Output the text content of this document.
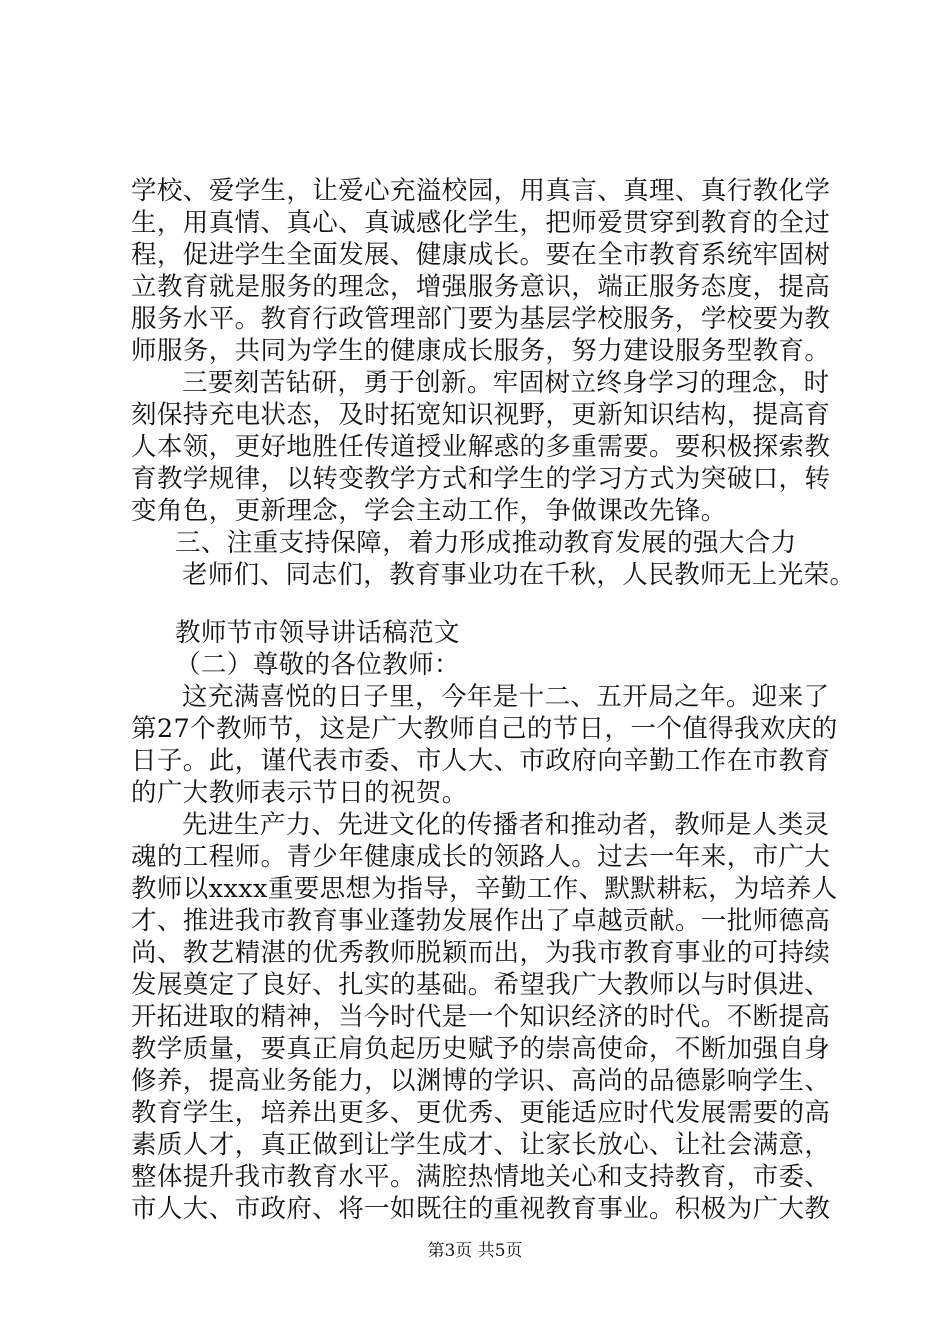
学校、爱学生，让爱心充溢校园，用真言、真理、真行教化学
生，用真情、真心、真诚感化学生，把师爱贯穿到教育的全过
程，促进学生全面发展、健康成长。要在全市教育系统牢固树
立教育就是服务的理念，增强服务意识，端正服务态度，提高
服务水平。教育行政管理部门要为基层学校服务，学校要为教
师服务，共同为学生的健康成长服务，努力建设服务型教育。
三要刻苦钻研，勇于创新。牢固树立终身学习的理念，时
刻保持充电状态，及时拓宽知识视野，更新知识结构，提高育
人本领，更好地胜任传道授业解惑的多重需要。要积极探索教
育教学规律，以转变教学方式和学生的学习方式为突破口，转
变角色，更新理念，学会主动工作，争做课改先锋。
三、注重支持保障，着力形成推动教育发展的强大合力
老师们、同志们，教育事业功在千秋，人民教师无上光荣。
教师节市领导讲话稿范文
（二）尊敬的各位教师：
这充满喜悦的日子里，今年是十二、五开局之年。迎来了
第27个教师节，这是广大教师自己的节日，一个值得我欢庆的
日子。此，谨代表市委、市人大、市政府向辛勤工作在市教育
的广大教师表示节日的祝贺。
先进生产力、先进文化的传播者和推动者，教师是人类灵
魂的工程师。青少年健康成长的领路人。过去一年来，市广大
教师以xxxx重要思想为指导，辛勤工作、默默耕耘，为培养人
才、推进我市教育事业蓬勃发展作出了卓越贡献。一批师德高
尚、教艺精湛的优秀教师脱颖而出，为我市教育事业的可持续
发展奠定了良好、扎实的基础。希望我广大教师以与时俱进、
开拓进取的精神，当今时代是一个知识经济的时代。不断提高
教学质量，要真正肩负起历史赋予的崇高使命，不断加强自身
修养，提高业务能力，以渊博的学识、高尚的品德影响学生、
教育学生，培养出更多、更优秀、更能适应时代发展需要的高
素质人才，真正做到让学生成才、让家长放心、让社会满意，
整体提升我市教育水平。满腔热情地关心和支持教育，市委、
市人大、市政府、将一如既往的重视教育事业。积极为广大教
第3页 共5页
